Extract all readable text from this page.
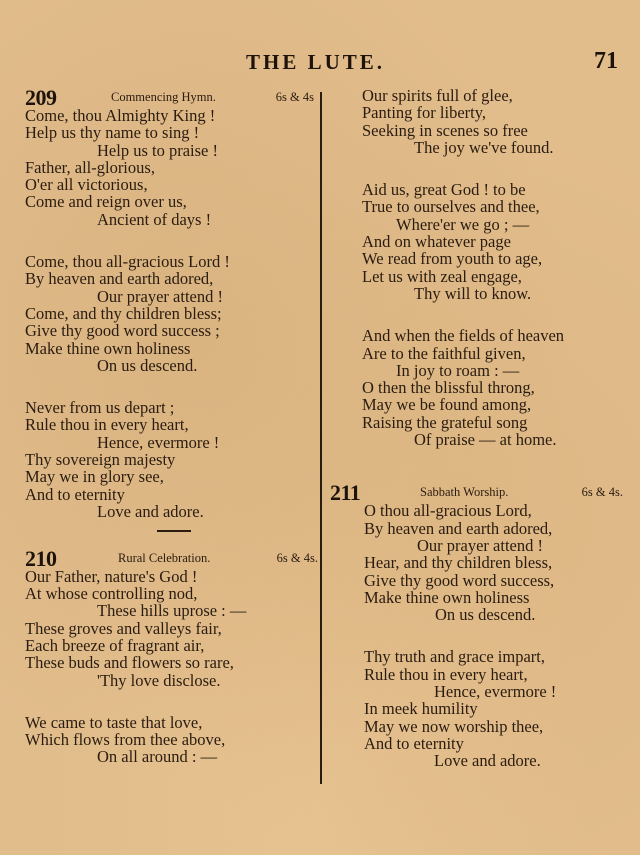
THE LUTE.	71
209	Commencing Hymn.	6s & 4s
Come, thou Almighty King !
Help us thy name to sing !
Help us to praise !
Father, all-glorious,
O'er all victorious,
Come and reign over us,
Ancient of days !
Come, thou all-gracious Lord !
By heaven and earth adored,
Our prayer attend !
Come, and thy children bless;
Give thy good word success ;
Make thine own holiness
On us descend.
Never from us depart ;
Rule thou in every heart,
Hence, evermore !
Thy sovereign majesty
May we in glory see,
And to eternity
Love and adore.
210	Rural Celebration.	6s & 4s.
Our Father, nature's God !
At whose controlling nod,
These hills uprose : —
These groves and valleys fair,
Each breeze of fragrant air,
These buds and flowers so rare,
'Thy love disclose.
We came to taste that love,
Which flows from thee above,
On all around : —
Our spirits full of glee,
Panting for liberty,
Seeking in scenes so free
The joy we've found.
Aid us, great God ! to be
True to ourselves and thee,
Where'er we go ; —
And on whatever page
We read from youth to age,
Let us with zeal engage,
Thy will to know.
And when the fields of heaven
Are to the faithful given,
In joy to roam : —
O then the blissful throng,
May we be found among,
Raising the grateful song
Of praise — at home.
211	Sabbath Worship.	6s & 4s.
O thou all-gracious Lord,
By heaven and earth adored,
Our prayer attend !
Hear, and thy children bless,
Give thy good word success,
Make thine own holiness
On us descend.
Thy truth and grace impart,
Rule thou in every heart,
Hence, evermore !
In meek humility
May we now worship thee,
And to eternity
Love and adore.
